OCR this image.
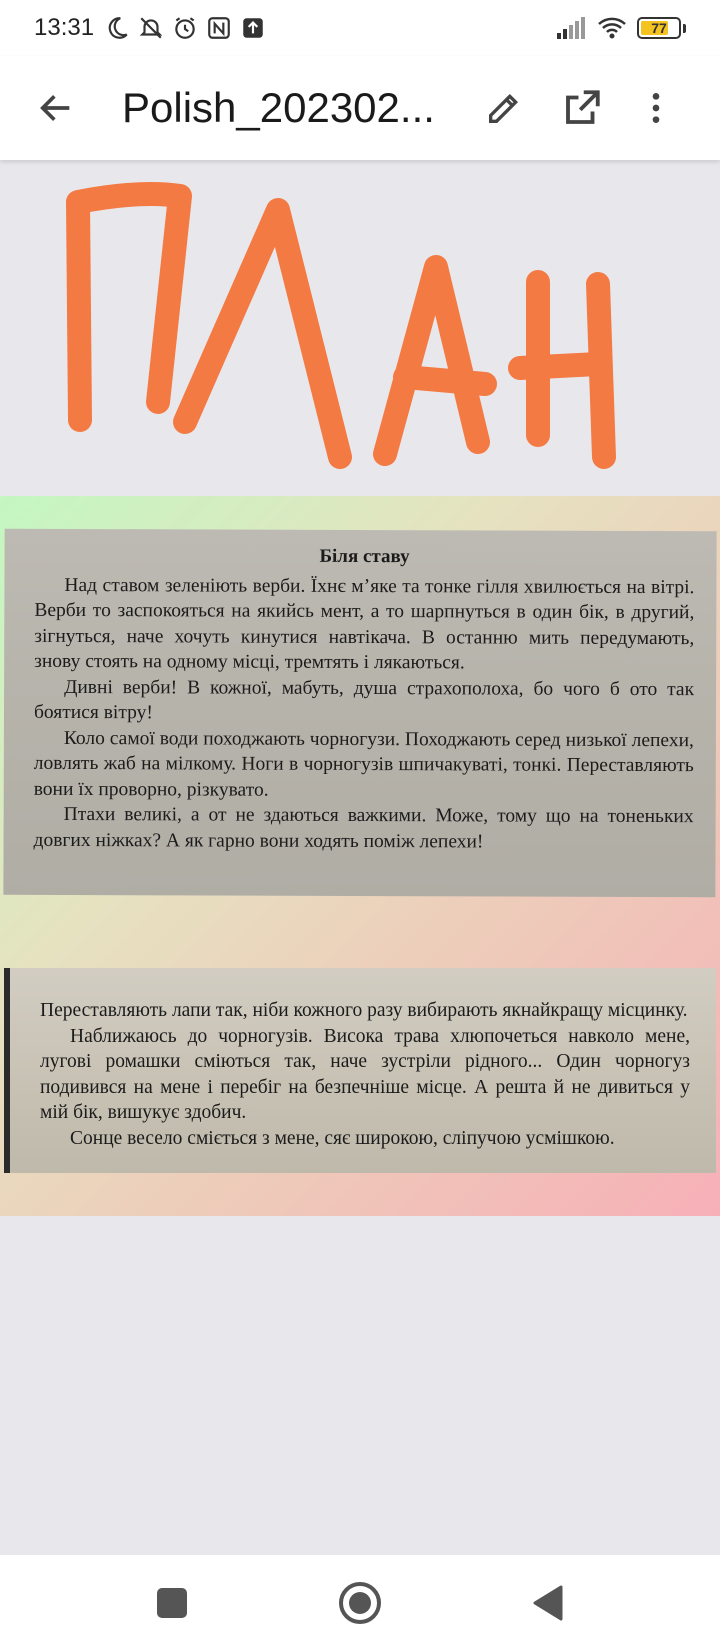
13:31	77
Polish_202302...
Біля ставу

Над ставом зеленіють верби. Їхнє м’яке та тонке гілля хвилюється на вітрі. Верби то заспокояться на якийсь мент, а то шарпнуться в один бік, в другий, зігнуться, наче хочуть кинутися навтікача. В останню мить передумають, знову стоять на одному місці, тремтять і лякаються.

Дивні верби! В кожної, мабуть, душа страхополоха, бо чого б ото так боятися вітру!

Коло самої води походжають чорногузи. Походжають серед низької лепехи, ловлять жаб на мілкому. Ноги в чорногузів шпичакуваті, тонкі. Переставляють вони їх проворно, різкувато.

Птахи великі, а от не здаються важкими. Може, тому що на тоненьких довгих ніжках? А як гарно вони ходять поміж лепехи!

Переставляють лапи так, ніби кожного разу вибирають якнайкращу місцинку.

Наближаюсь до чорногузів. Висока трава хлюпочеться навколо мене, лугові ромашки сміються так, наче зустріли рідного... Один чорногуз подивився на мене і перебіг на безпечніше місце. А решта й не дивиться у мій бік, вишукує здобич.

Сонце весело сміється з мене, сяє широкою, сліпучою усмішкою.
